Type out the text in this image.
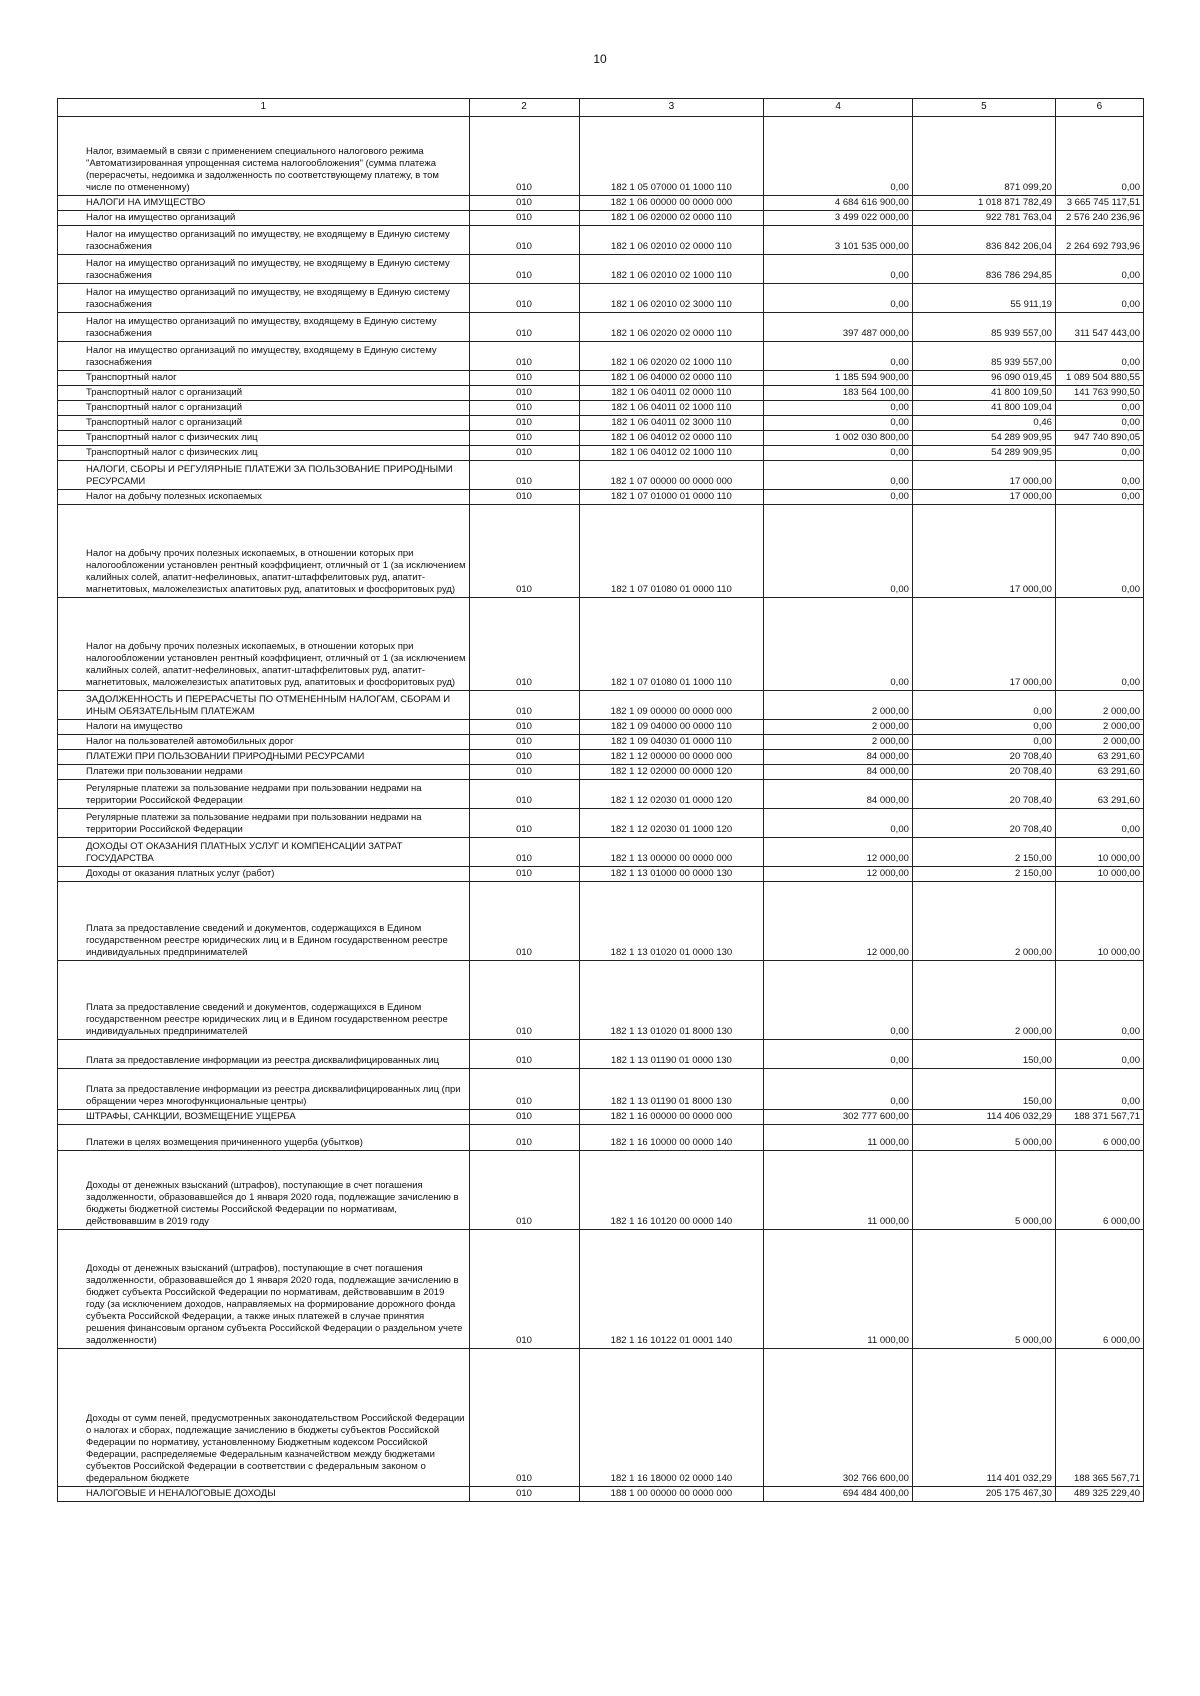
10
1	2	3	4	5	6
Налог, взимаемый в связи с применением специального налогового режима "Автоматизированная упрощенная система налогообложения" (сумма платежа (перерасчеты, недоимка и задолженность по соответствующему платежу, в том числе по отмененному)	010	182 1 05 07000 01 1000 110	0,00	871 099,20	0,00
НАЛОГИ НА ИМУЩЕСТВО	010	182 1 06 00000 00 0000 000	4 684 616 900,00	1 018 871 782,49	3 665 745 117,51
Налог на имущество организаций	010	182 1 06 02000 02 0000 110	3 499 022 000,00	922 781 763,04	2 576 240 236,96
Налог на имущество организаций по имуществу, не входящему в Единую систему газоснабжения	010	182 1 06 02010 02 0000 110	3 101 535 000,00	836 842 206,04	2 264 692 793,96
Налог на имущество организаций по имуществу, не входящему в Единую систему газоснабжения	010	182 1 06 02010 02 1000 110	0,00	836 786 294,85	0,00
Налог на имущество организаций по имуществу, не входящему в Единую систему газоснабжения	010	182 1 06 02010 02 3000 110	0,00	55 911,19	0,00
Налог на имущество организаций по имуществу, входящему в Единую систему газоснабжения	010	182 1 06 02020 02 0000 110	397 487 000,00	85 939 557,00	311 547 443,00
Налог на имущество организаций по имуществу, входящему в Единую систему газоснабжения	010	182 1 06 02020 02 1000 110	0,00	85 939 557,00	0,00
Транспортный налог	010	182 1 06 04000 02 0000 110	1 185 594 900,00	96 090 019,45	1 089 504 880,55
Транспортный налог с организаций	010	182 1 06 04011 02 0000 110	183 564 100,00	41 800 109,50	141 763 990,50
Транспортный налог с организаций	010	182 1 06 04011 02 1000 110	0,00	41 800 109,04	0,00
Транспортный налог с организаций	010	182 1 06 04011 02 3000 110	0,00	0,46	0,00
Транспортный налог с физических лиц	010	182 1 06 04012 02 0000 110	1 002 030 800,00	54 289 909,95	947 740 890,05
Транспортный налог с физических лиц	010	182 1 06 04012 02 1000 110	0,00	54 289 909,95	0,00
НАЛОГИ, СБОРЫ И РЕГУЛЯРНЫЕ ПЛАТЕЖИ ЗА ПОЛЬЗОВАНИЕ ПРИРОДНЫМИ РЕСУРСАМИ	010	182 1 07 00000 00 0000 000	0,00	17 000,00	0,00
Налог на добычу полезных ископаемых	010	182 1 07 01000 01 0000 110	0,00	17 000,00	0,00
Налог на добычу прочих полезных ископаемых, в отношении которых при налогообложении установлен рентный коэффициент, отличный от 1 (за исключением калийных солей, апатит-нефелиновых, апатит-штаффелитовых руд, апатит-магнетитовых, маложелезистых апатитовых руд, апатитовых и фосфоритовых руд)	010	182 1 07 01080 01 0000 110	0,00	17 000,00	0,00
Налог на добычу прочих полезных ископаемых, в отношении которых при налогообложении установлен рентный коэффициент, отличный от 1 (за исключением калийных солей, апатит-нефелиновых, апатит-штаффелитовых руд, апатит-магнетитовых, маложелезистых апатитовых руд, апатитовых и фосфоритовых руд)	010	182 1 07 01080 01 1000 110	0,00	17 000,00	0,00
ЗАДОЛЖЕННОСТЬ И ПЕРЕРАСЧЕТЫ ПО ОТМЕНЕННЫМ НАЛОГАМ, СБОРАМ И ИНЫМ ОБЯЗАТЕЛЬНЫМ ПЛАТЕЖАМ	010	182 1 09 00000 00 0000 000	2 000,00	0,00	2 000,00
Налоги на имущество	010	182 1 09 04000 00 0000 110	2 000,00	0,00	2 000,00
Налог на пользователей автомобильных дорог	010	182 1 09 04030 01 0000 110	2 000,00	0,00	2 000,00
ПЛАТЕЖИ ПРИ ПОЛЬЗОВАНИИ ПРИРОДНЫМИ РЕСУРСАМИ	010	182 1 12 00000 00 0000 000	84 000,00	20 708,40	63 291,60
Платежи при пользовании недрами	010	182 1 12 02000 00 0000 120	84 000,00	20 708,40	63 291,60
Регулярные платежи за пользование недрами при пользовании недрами на территории Российской Федерации	010	182 1 12 02030 01 0000 120	84 000,00	20 708,40	63 291,60
Регулярные платежи за пользование недрами при пользовании недрами на территории Российской Федерации	010	182 1 12 02030 01 1000 120	0,00	20 708,40	0,00
ДОХОДЫ ОТ ОКАЗАНИЯ ПЛАТНЫХ УСЛУГ И КОМПЕНСАЦИИ ЗАТРАТ ГОСУДАРСТВА	010	182 1 13 00000 00 0000 000	12 000,00	2 150,00	10 000,00
Доходы от оказания платных услуг (работ)	010	182 1 13 01000 00 0000 130	12 000,00	2 150,00	10 000,00
Плата за предоставление сведений и документов, содержащихся в Едином государственном реестре юридических лиц и в Едином государственном реестре индивидуальных предпринимателей	010	182 1 13 01020 01 0000 130	12 000,00	2 000,00	10 000,00
Плата за предоставление сведений и документов, содержащихся в Едином государственном реестре юридических лиц и в Едином государственном реестре индивидуальных предпринимателей	010	182 1 13 01020 01 8000 130	0,00	2 000,00	0,00
Плата за предоставление информации из реестра дисквалифицированных лиц	010	182 1 13 01190 01 0000 130	0,00	150,00	0,00
Плата за предоставление информации из реестра дисквалифицированных лиц (при обращении через многофункциональные центры)	010	182 1 13 01190 01 8000 130	0,00	150,00	0,00
ШТРАФЫ, САНКЦИИ, ВОЗМЕЩЕНИЕ УЩЕРБА	010	182 1 16 00000 00 0000 000	302 777 600,00	114 406 032,29	188 371 567,71
Платежи в целях возмещения причиненного ущерба (убытков)	010	182 1 16 10000 00 0000 140	11 000,00	5 000,00	6 000,00
Доходы от денежных взысканий (штрафов), поступающие в счет погашения задолженности, образовавшейся до 1 января 2020 года, подлежащие зачислению в бюджеты бюджетной системы Российской Федерации по нормативам, действовавшим в 2019 году	010	182 1 16 10120 00 0000 140	11 000,00	5 000,00	6 000,00
Доходы от денежных взысканий (штрафов), поступающие в счет погашения задолженности, образовавшейся до 1 января 2020 года, подлежащие зачислению в бюджет субъекта Российской Федерации по нормативам, действовавшим в 2019 году (за исключением доходов, направляемых на формирование дорожного фонда субъекта Российской Федерации, а также иных платежей в случае принятия решения финансовым органом субъекта Российской Федерации о раздельном учете задолженности)	010	182 1 16 10122 01 0001 140	11 000,00	5 000,00	6 000,00
Доходы от сумм пеней, предусмотренных законодательством Российской Федерации о налогах и сборах, подлежащие зачислению в бюджеты субъектов Российской Федерации по нормативу, установленному Бюджетным кодексом Российской Федерации, распределяемые Федеральным казначейством между бюджетами субъектов Российской Федерации в соответствии с федеральным законом о федеральном бюджете	010	182 1 16 18000 02 0000 140	302 766 600,00	114 401 032,29	188 365 567,71
НАЛОГОВЫЕ И НЕНАЛОГОВЫЕ ДОХОДЫ	010	188 1 00 00000 00 0000 000	694 484 400,00	205 175 467,30	489 325 229,40
